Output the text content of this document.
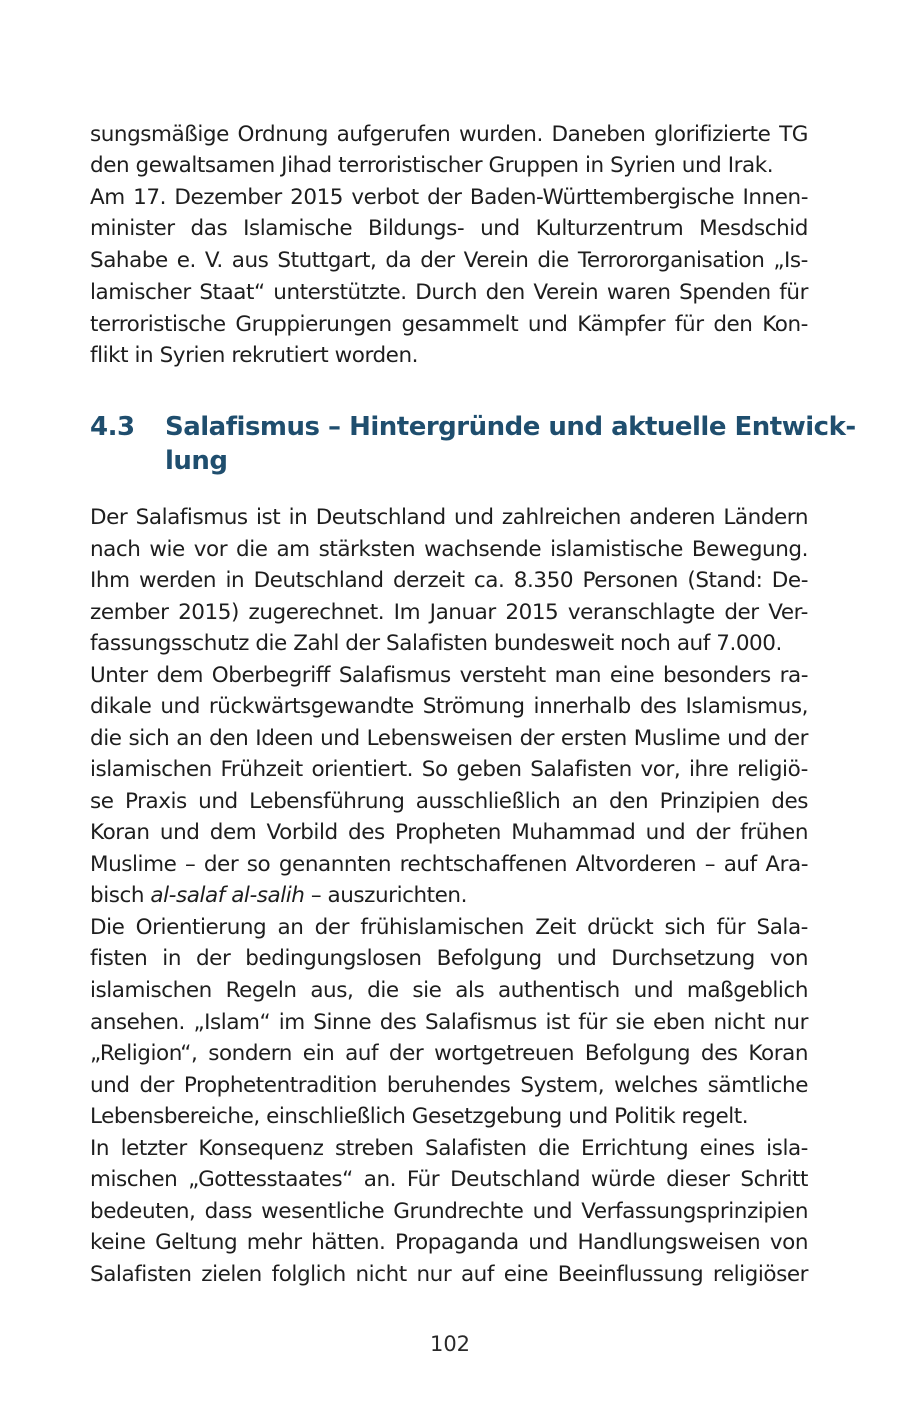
sungsmäßige Ordnung aufgerufen wurden. Daneben glorifizierte TG
den gewaltsamen Jihad terroristischer Gruppen in Syrien und Irak.
Am 17. Dezember 2015 verbot der Baden-Württembergische Innen-
minister das Islamische Bildungs- und Kulturzentrum Mesdschid
Sahabe e. V. aus Stuttgart, da der Verein die Terrororganisation „Is-
lamischer Staat“ unterstützte. Durch den Verein waren Spenden für
terroristische Gruppierungen gesammelt und Kämpfer für den Kon-
flikt in Syrien rekrutiert worden.
4.3 Salafismus – Hintergründe und aktuelle Entwick-
lung
Der Salafismus ist in Deutschland und zahlreichen anderen Ländern
nach wie vor die am stärksten wachsende islamistische Bewegung.
Ihm werden in Deutschland derzeit ca. 8.350 Personen (Stand: De-
zember 2015) zugerechnet. Im Januar 2015 veranschlagte der Ver-
fassungsschutz die Zahl der Salafisten bundesweit noch auf 7.000.
Unter dem Oberbegriff Salafismus versteht man eine besonders ra-
dikale und rückwärtsgewandte Strömung innerhalb des Islamismus,
die sich an den Ideen und Lebensweisen der ersten Muslime und der
islamischen Frühzeit orientiert. So geben Salafisten vor, ihre religiö-
se Praxis und Lebensführung ausschließlich an den Prinzipien des
Koran und dem Vorbild des Propheten Muhammad und der frühen
Muslime – der so genannten rechtschaffenen Altvorderen – auf Ara-
bisch al-salaf al-salih – auszurichten.
Die Orientierung an der frühislamischen Zeit drückt sich für Sala-
fisten in der bedingungslosen Befolgung und Durchsetzung von
islamischen Regeln aus, die sie als authentisch und maßgeblich
ansehen. „Islam“ im Sinne des Salafismus ist für sie eben nicht nur
„Religion“, sondern ein auf der wortgetreuen Befolgung des Koran
und der Prophetentradition beruhendes System, welches sämtliche
Lebensbereiche, einschließlich Gesetzgebung und Politik regelt.
In letzter Konsequenz streben Salafisten die Errichtung eines isla-
mischen „Gottesstaates“ an. Für Deutschland würde dieser Schritt
bedeuten, dass wesentliche Grundrechte und Verfassungsprinzipien
keine Geltung mehr hätten. Propaganda und Handlungsweisen von
Salafisten zielen folglich nicht nur auf eine Beeinflussung religiöser
102
